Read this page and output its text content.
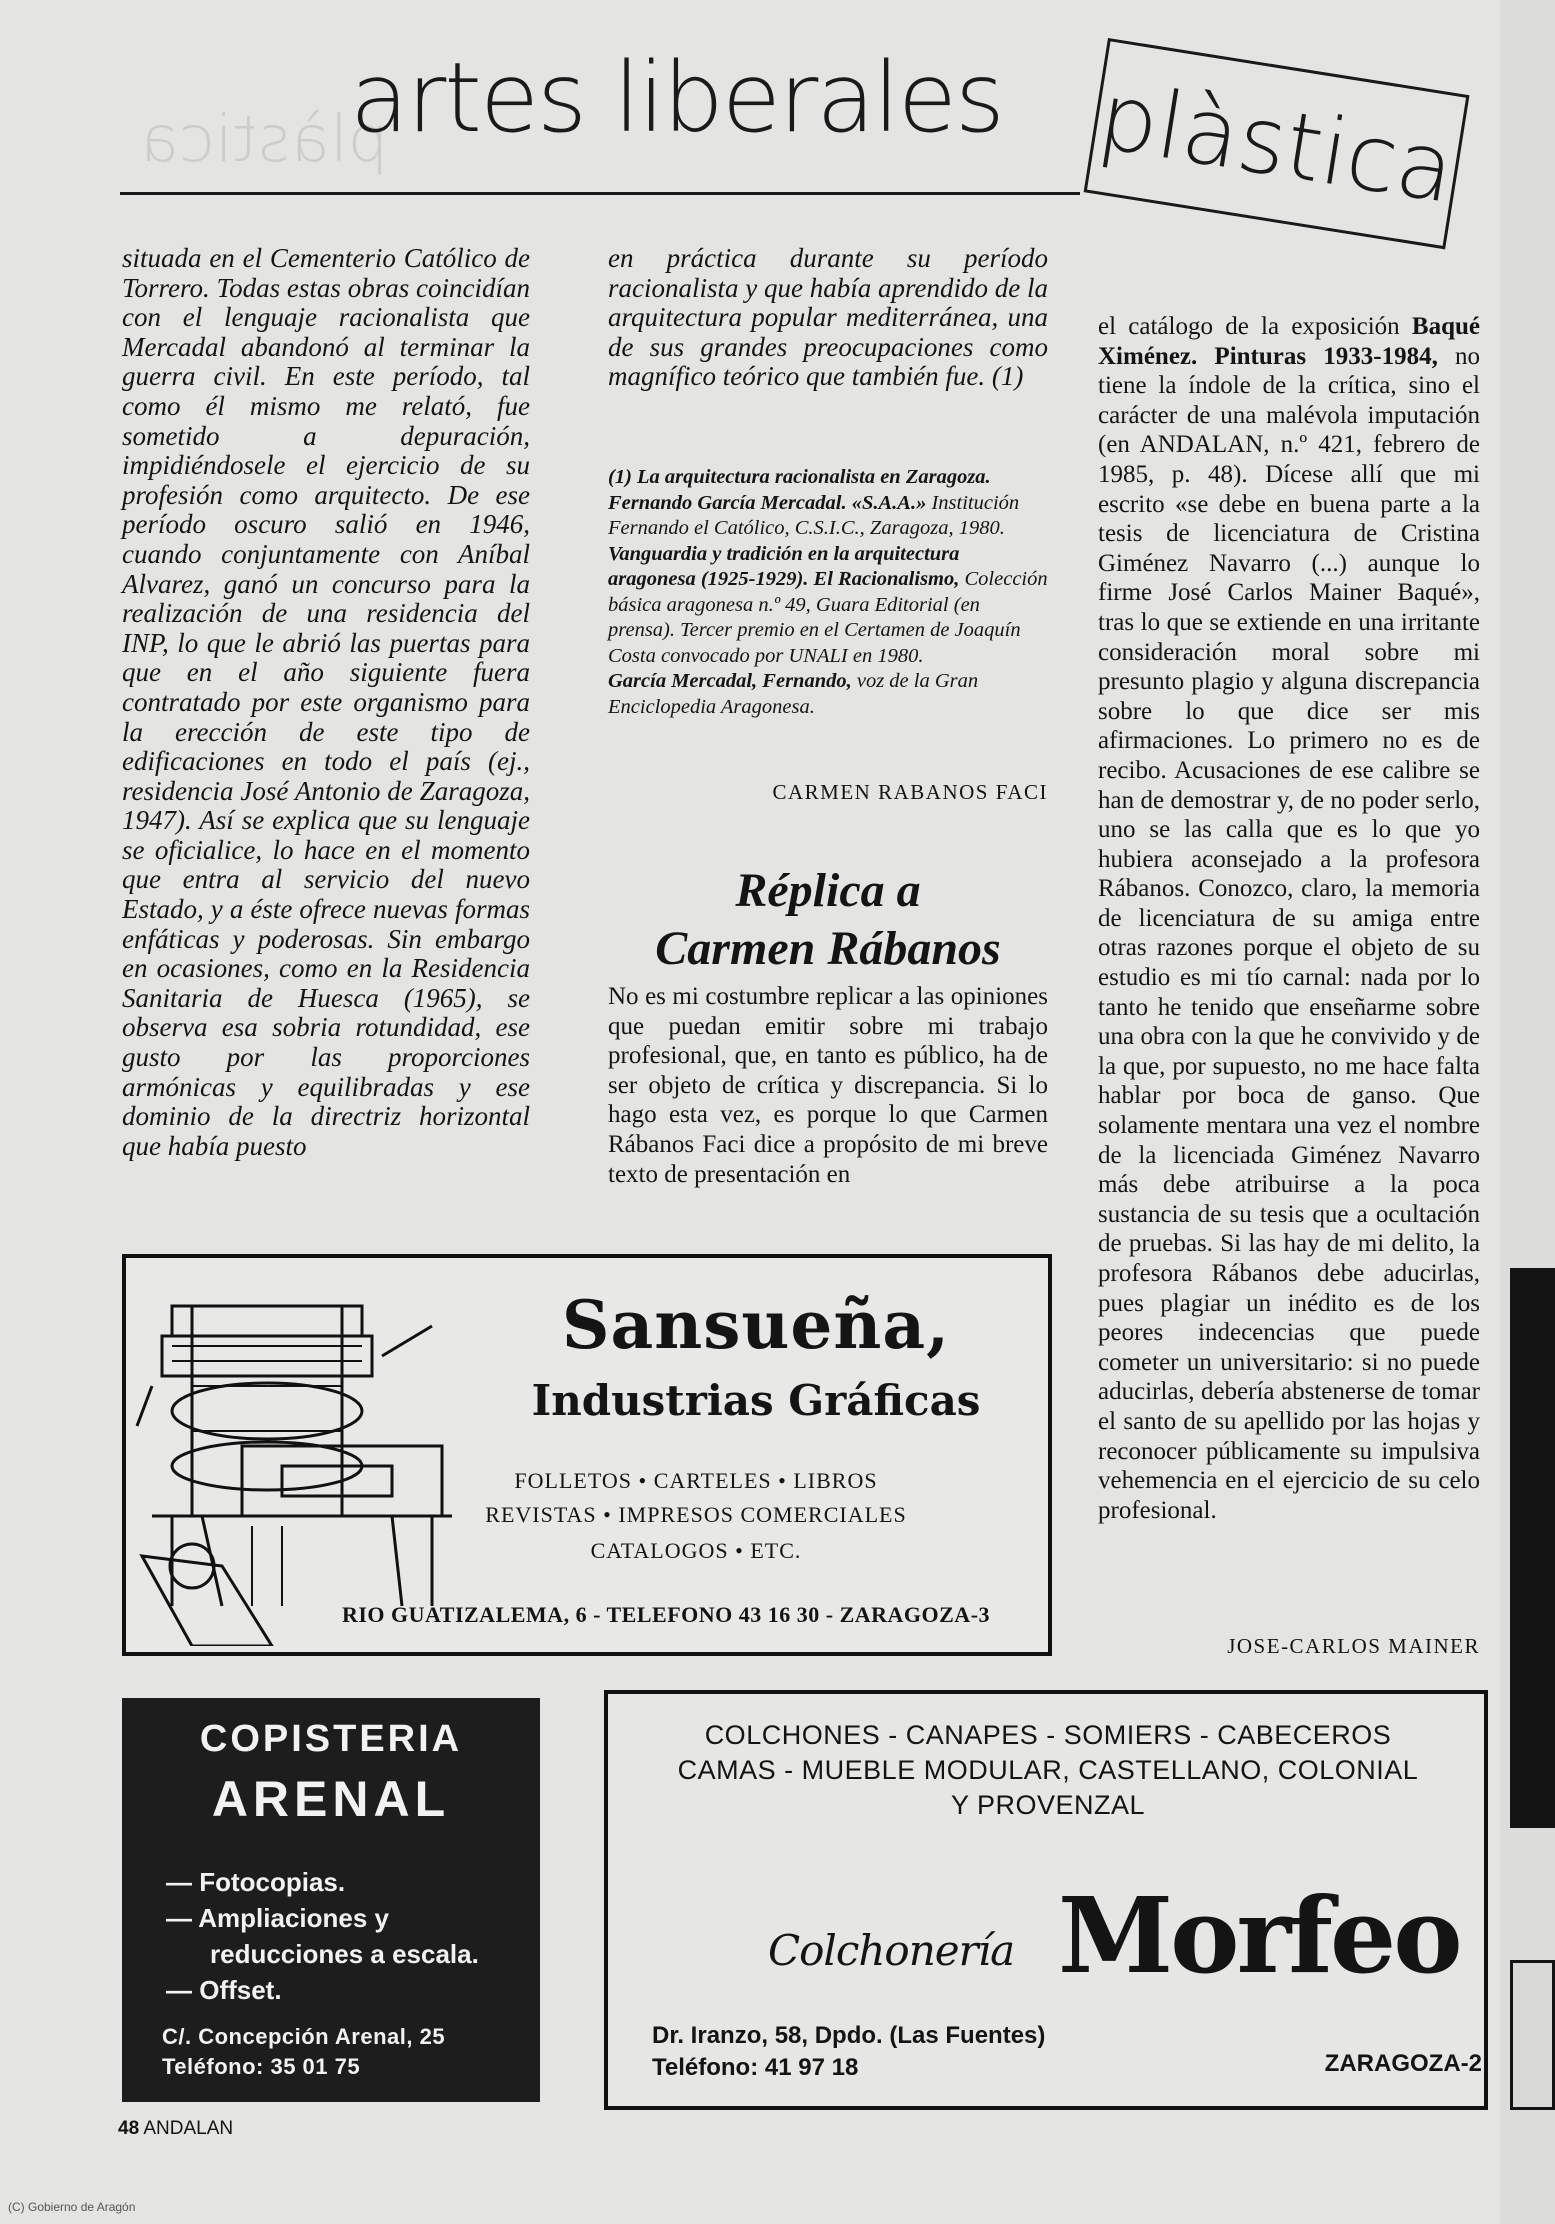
plàstica
artes liberales plàstica

situada en el Cementerio Católico de Torrero. Todas estas obras coincidían con el lenguaje racionalista que Mercadal abandonó al terminar la guerra civil. En este período, tal como él mismo me relató, fue sometido a depuración, impidiéndosele el ejercicio de su profesión como arquitecto. De ese período oscuro salió en 1946, cuando conjuntamente con Aníbal Alvarez, ganó un concurso para la realización de una residencia del INP, lo que le abrió las puertas para que en el año siguiente fuera contratado por este organismo para la erección de este tipo de edificaciones en todo el país (ej., residencia José Antonio de Zaragoza, 1947). Así se explica que su lenguaje se oficialice, lo hace en el momento que entra al servicio del nuevo Estado, y a éste ofrece nuevas formas enfáticas y poderosas. Sin embargo en ocasiones, como en la Residencia Sanitaria de Huesca (1965), se observa esa sobria rotundidad, ese gusto por las proporciones armónicas y equilibradas y ese dominio de la directriz horizontal que había puesto

en práctica durante su período racionalista y que había aprendido de la arquitectura popular mediterránea, una de sus grandes preocupaciones como magnífico teórico que también fue. (1)

(1) La arquitectura racionalista en Zaragoza. Fernando García Mercadal. «S.A.A.» Institución Fernando el Católico, C.S.I.C., Zaragoza, 1980.

Vanguardia y tradición en la arquitectura aragonesa (1925-1929). El Racionalismo, Colección básica aragonesa n.º 49, Guara Editorial (en prensa). Tercer premio en el Certamen de Joaquín Costa convocado por UNALI en 1980.

García Mercadal, Fernando, voz de la Gran Enciclopedia Aragonesa.

CARMEN RABANOS FACI
Réplica a
Carmen Rábanos

No es mi costumbre replicar a las opiniones que puedan emitir sobre mi trabajo profesional, que, en tanto es público, ha de ser objeto de crítica y discrepancia. Si lo hago esta vez, es porque lo que Carmen Rábanos Faci dice a propósito de mi breve texto de presentación en

el catálogo de la exposición Baqué Ximénez. Pinturas 1933-1984, no tiene la índole de la crítica, sino el carácter de una malévola imputación (en ANDALAN, n.º 421, febrero de 1985, p. 48). Dícese allí que mi escrito «se debe en buena parte a la tesis de licenciatura de Cristina Giménez Navarro (...) aunque lo firme José Carlos Mainer Baqué», tras lo que se extiende en una irritante consideración moral sobre mi presunto plagio y alguna discrepancia sobre lo que dice ser mis afirmaciones. Lo primero no es de recibo. Acusaciones de ese calibre se han de demostrar y, de no poder serlo, uno se las calla que es lo que yo hubiera aconsejado a la profesora Rábanos. Conozco, claro, la memoria de licenciatura de su amiga entre otras razones porque el objeto de su estudio es mi tío carnal: nada por lo tanto he tenido que enseñarme sobre una obra con la que he convivido y de la que, por supuesto, no me hace falta hablar por boca de ganso. Que solamente mentara una vez el nombre de la licenciada Giménez Navarro más debe atribuirse a la poca sustancia de su tesis que a ocultación de pruebas. Si las hay de mi delito, la profesora Rábanos debe aducirlas, pues plagiar un inédito es de los peores indecencias que puede cometer un universitario: si no puede aducirlas, debería abstenerse de tomar el santo de su apellido por las hojas y reconocer públicamente su impulsiva vehemencia en el ejercicio de su celo profesional.

JOSE-CARLOS MAINER
Sansueña,
Industrias Gráficas
FOLLETOS • CARTELES • LIBROS
REVISTAS • IMPRESOS COMERCIALES
CATALOGOS • ETC.
RIO GUATIZALEMA, 6 - TELEFONO 43 16 30 - ZARAGOZA-3
COPISTERIA
ARENAL
— Fotocopias.
— Ampliaciones y reducciones a escala.
— Offset.
C/. Concepción Arenal, 25
Teléfono: 35 01 75
COLCHONES - CANAPES - SOMIERS - CABECEROS
CAMAS - MUEBLE MODULAR, CASTELLANO, COLONIAL
Y PROVENZAL
Colchonería Morfeo
Dr. Iranzo, 58, Dpdo. (Las Fuentes)
Teléfono: 41 97 18	ZARAGOZA-2
48 ANDALAN
(C) Gobierno de Aragón
